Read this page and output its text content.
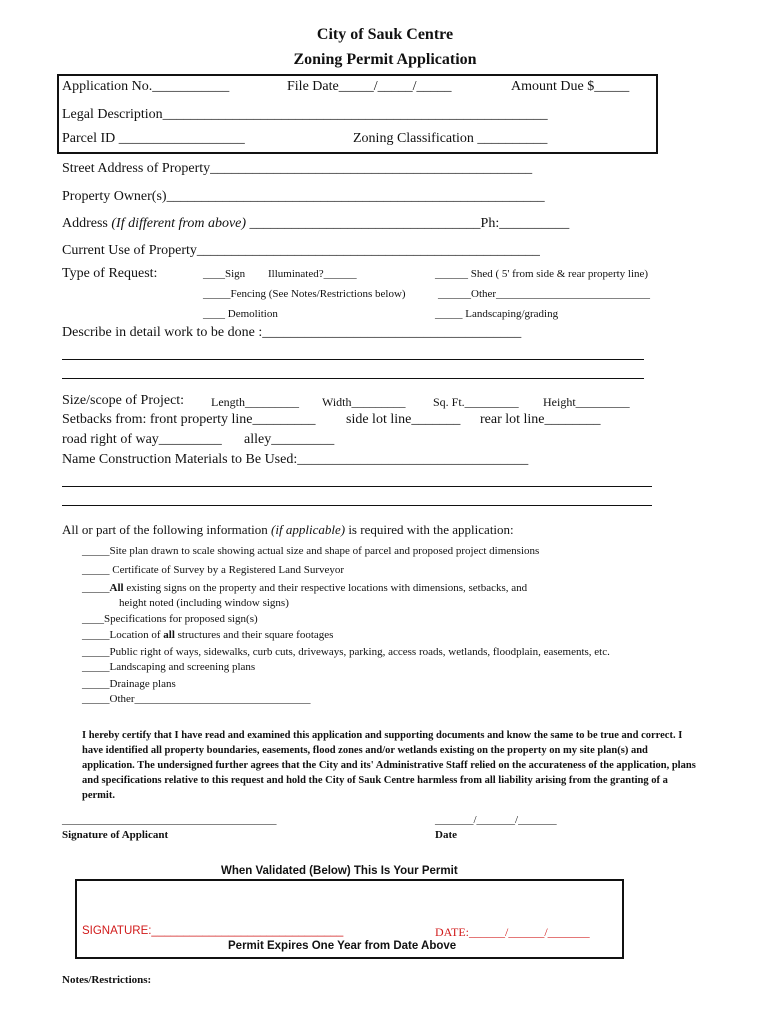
City of Sauk Centre
Zoning Permit Application
Application No.___________	File Date_____/_____/_____	Amount Due $_____
Legal Description_______________________________________________________
Parcel ID __________________	Zoning Classification __________
Street Address of Property______________________________________________
Property Owner(s)______________________________________________________
Address (If different from above) _________________________________Ph:__________
Current Use of Property_________________________________________________
Type of Request:	____Sign Illuminated?______	______ Shed ( 5' from side & rear property line)
_____Fencing (See Notes/Restrictions below)	______Other____________________________
____ Demolition	_____ Landscaping/grading
Describe in detail work to be done :_____________________________________
Size/scope of Project: Length_________ Width_________ Sq. Ft._________ Height_________
Setbacks from: front property line_________ side lot line_______ rear lot line________
road right of way_________ alley_________
Name Construction Materials to Be Used:_________________________________
All or part of the following information (if applicable) is required with the application:
_____Site plan drawn to scale showing actual size and shape of parcel and proposed project dimensions
_____ Certificate of Survey by a Registered Land Surveyor
_____All existing signs on the property and their respective locations with dimensions, setbacks, and
height noted (including window signs)
____Specifications for proposed sign(s)
_____Location of all structures and their square footages
_____Public right of ways, sidewalks, curb cuts, driveways, parking, access roads, wetlands, floodplain, easements, etc.
_____Landscaping and screening plans
_____Drainage plans
_____Other________________________________
I hereby certify that I have read and examined this application and supporting documents and know the same to be true and correct. I have identified all property boundaries, easements, flood zones and/or wetlands existing on the property on my site plan(s) and application. The undersigned further agrees that the City and its' Administrative Staff relied on the accurateness of the application, plans and specifications relative to this request and hold the City of Sauk Centre harmless from all liability arising from the granting of a permit.
_______________________________________
Signature of Applicant
_______/_______/_______
Date
When Validated (Below) This Is Your Permit
SIGNATURE:______________________________	DATE:______/______/_______
Permit Expires One Year from Date Above
Notes/Restrictions:
